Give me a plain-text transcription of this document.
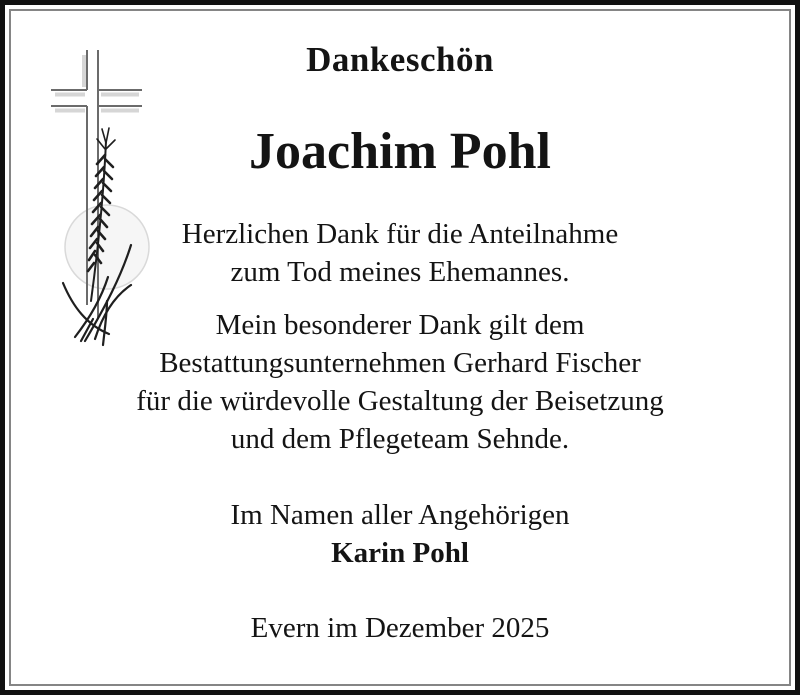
Dankeschön

Joachim Pohl

Herzlichen Dank für die Anteilnahme
zum Tod meines Ehemannes.

Mein besonderer Dank gilt dem
Bestattungsunternehmen Gerhard Fischer
für die würdevolle Gestaltung der Beisetzung
und dem Pflegeteam Sehnde.

Im Namen aller Angehörigen
Karin Pohl

Evern im Dezember 2025
